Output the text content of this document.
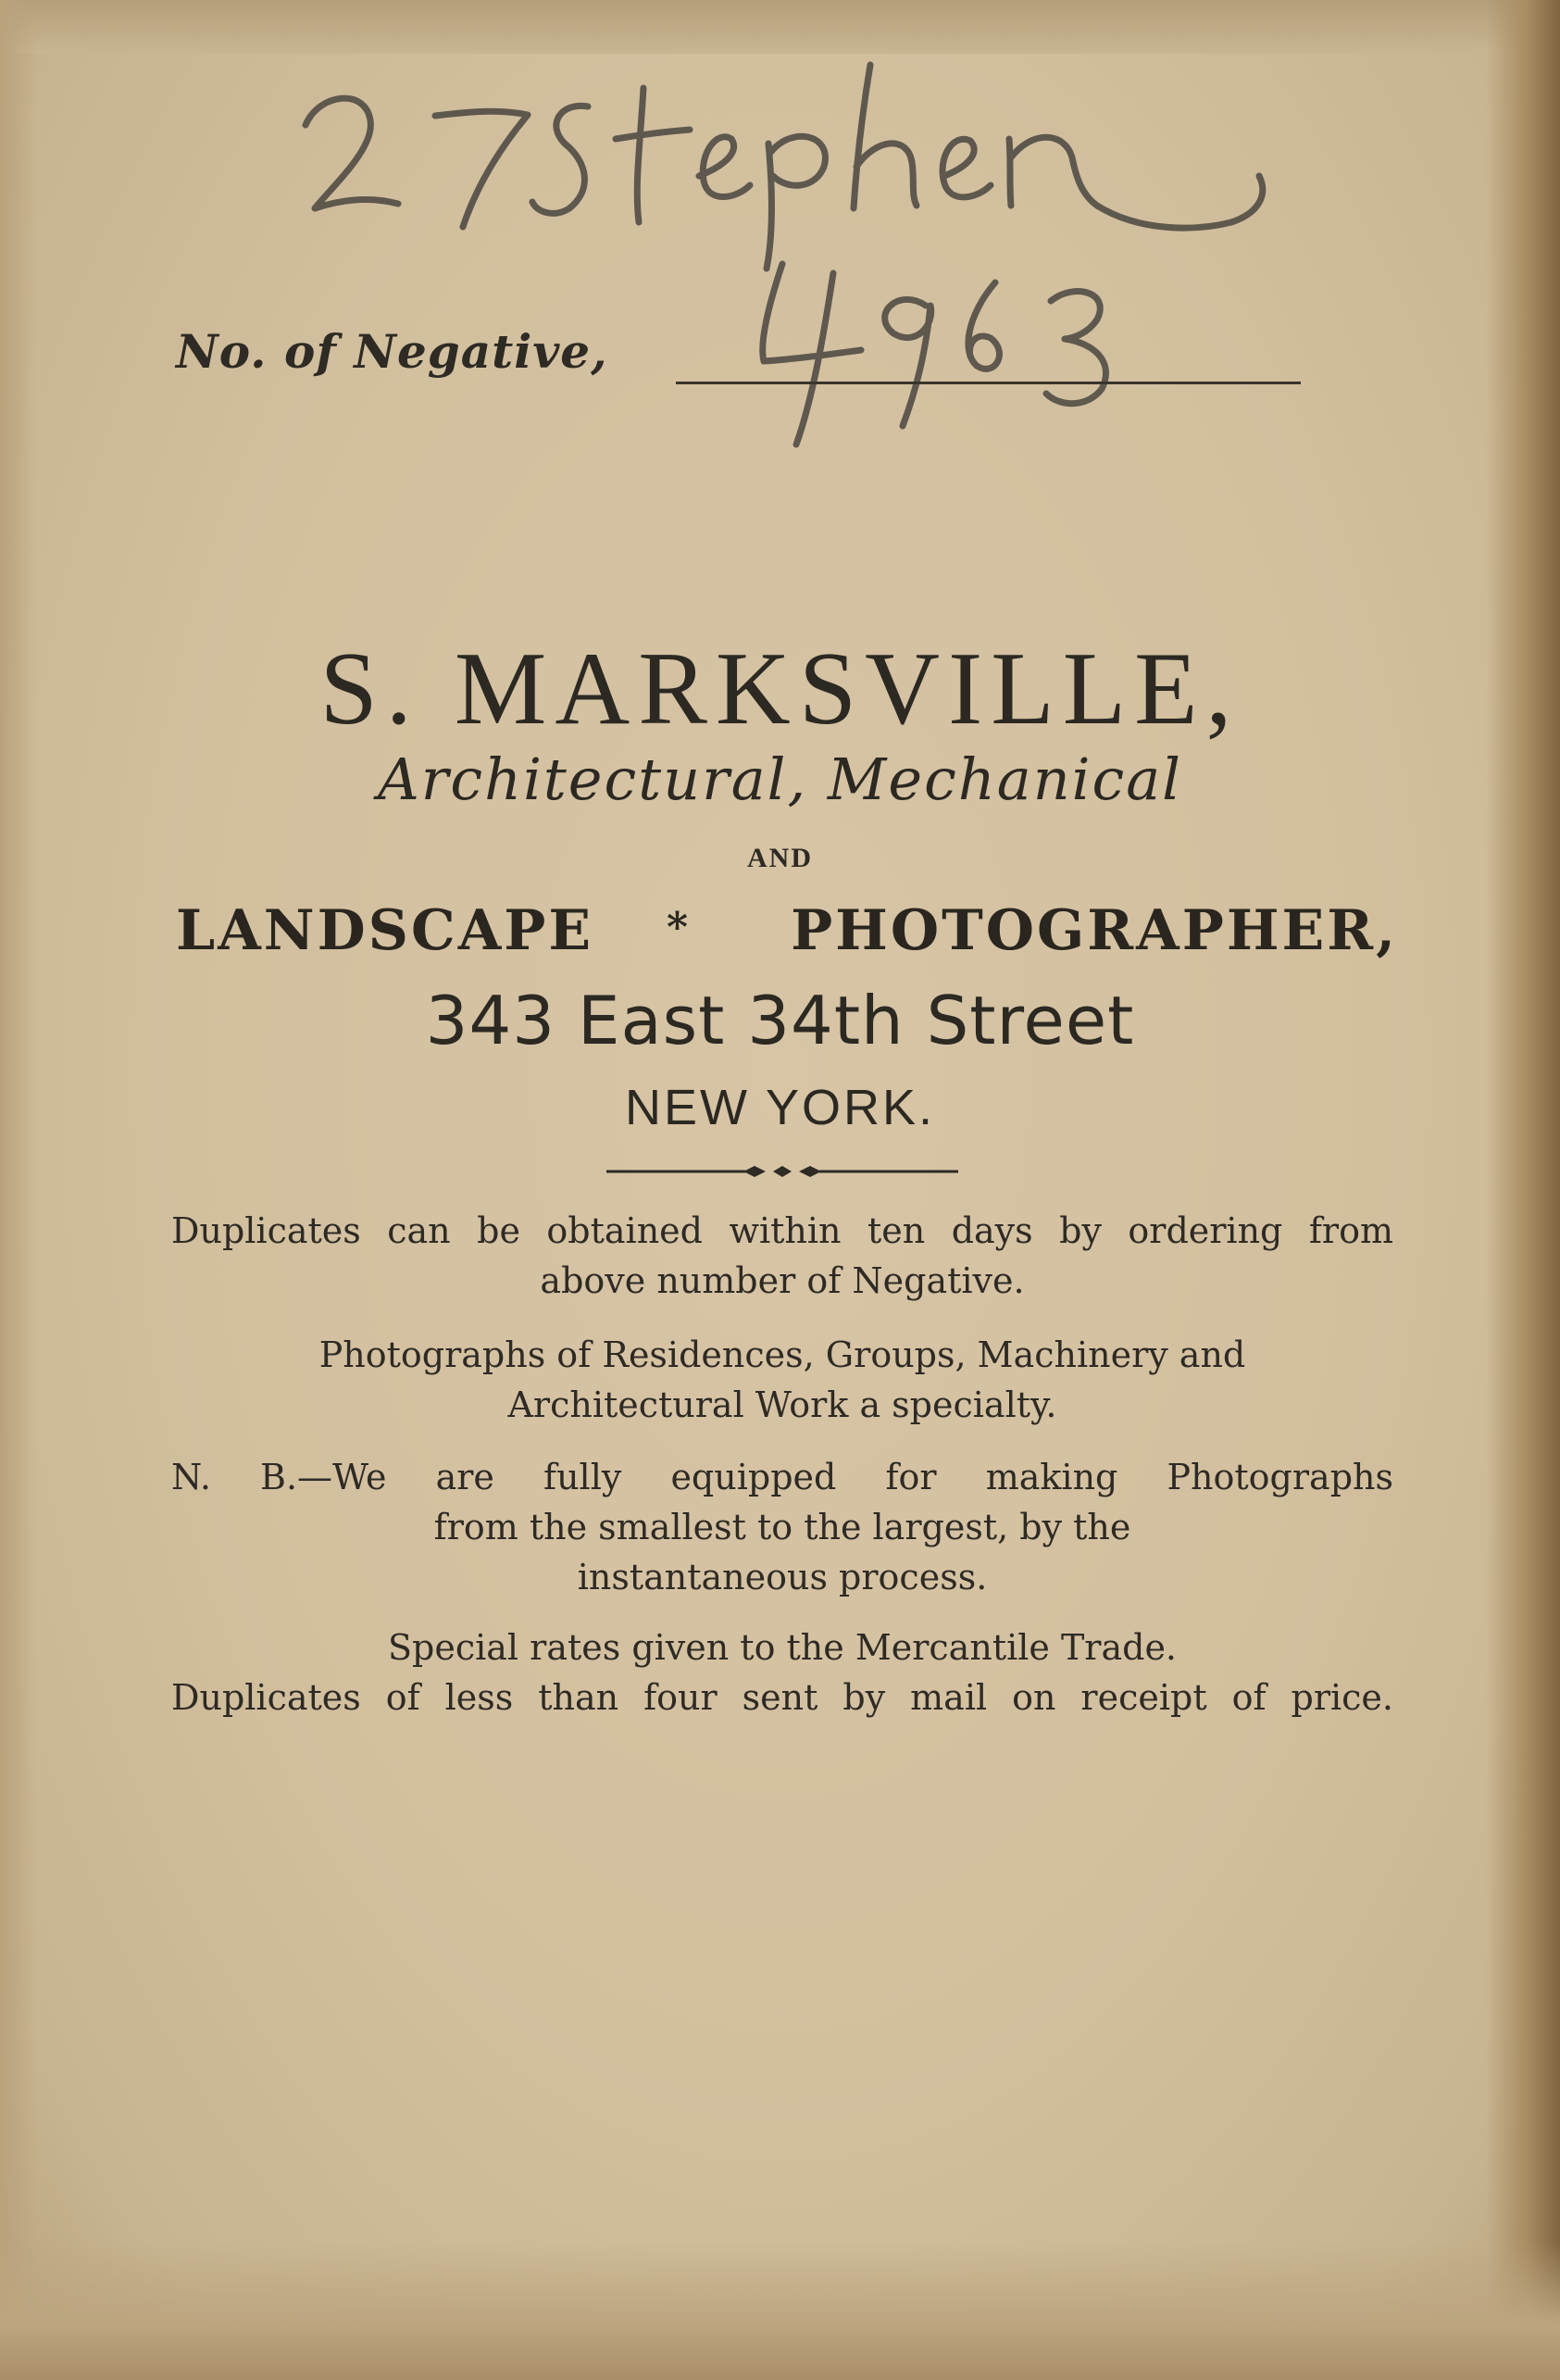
No. of Negative,
S. MARKSVILLE,
Architectural, Mechanical
AND
LANDSCAPE * PHOTOGRAPHER,
343 East 34th Street
NEW YORK.
Duplicates can be obtained within ten days by ordering from
above number of Negative.
Photographs of Residences, Groups, Machinery and
Architectural Work a specialty.
N. B.—We are fully equipped for making Photographs
from the smallest to the largest, by the
instantaneous process.
Special rates given to the Mercantile Trade.
Duplicates of less than four sent by mail on receipt of price.
